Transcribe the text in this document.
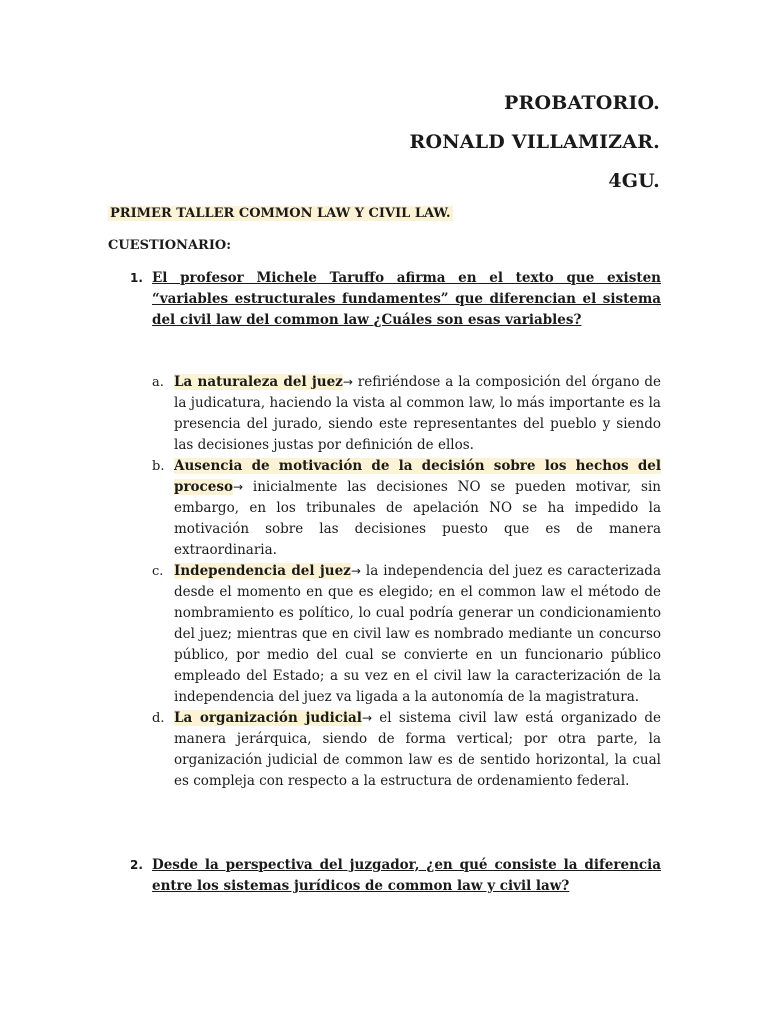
PROBATORIO.
RONALD VILLAMIZAR.
4GU.
PRIMER TALLER COMMON LAW Y CIVIL LAW.
CUESTIONARIO:
1. El profesor Michele Taruffo afirma en el texto que existen “variables estructurales fundamentes” que diferencian el sistema del civil law del common law ¿Cuáles son esas variables?
a. La naturaleza del juez→ refiriéndose a la composición del órgano de la judicatura, haciendo la vista al common law, lo más importante es la presencia del jurado, siendo este representantes del pueblo y siendo las decisiones justas por definición de ellos.
b. Ausencia de motivación de la decisión sobre los hechos del proceso→ inicialmente las decisiones NO se pueden motivar, sin embargo, en los tribunales de apelación NO se ha impedido la motivación sobre las decisiones puesto que es de manera extraordinaria.
c. Independencia del juez→ la independencia del juez es caracterizada desde el momento en que es elegido; en el common law el método de nombramiento es político, lo cual podría generar un condicionamiento del juez; mientras que en civil law es nombrado mediante un concurso público, por medio del cual se convierte en un funcionario público empleado del Estado; a su vez en el civil law la caracterización de la independencia del juez va ligada a la autonomía de la magistratura.
d. La organización judicial→ el sistema civil law está organizado de manera jerárquica, siendo de forma vertical; por otra parte, la organización judicial de common law es de sentido horizontal, la cual es compleja con respecto a la estructura de ordenamiento federal.
2. Desde la perspectiva del juzgador, ¿en qué consiste la diferencia entre los sistemas jurídicos de common law y civil law?
